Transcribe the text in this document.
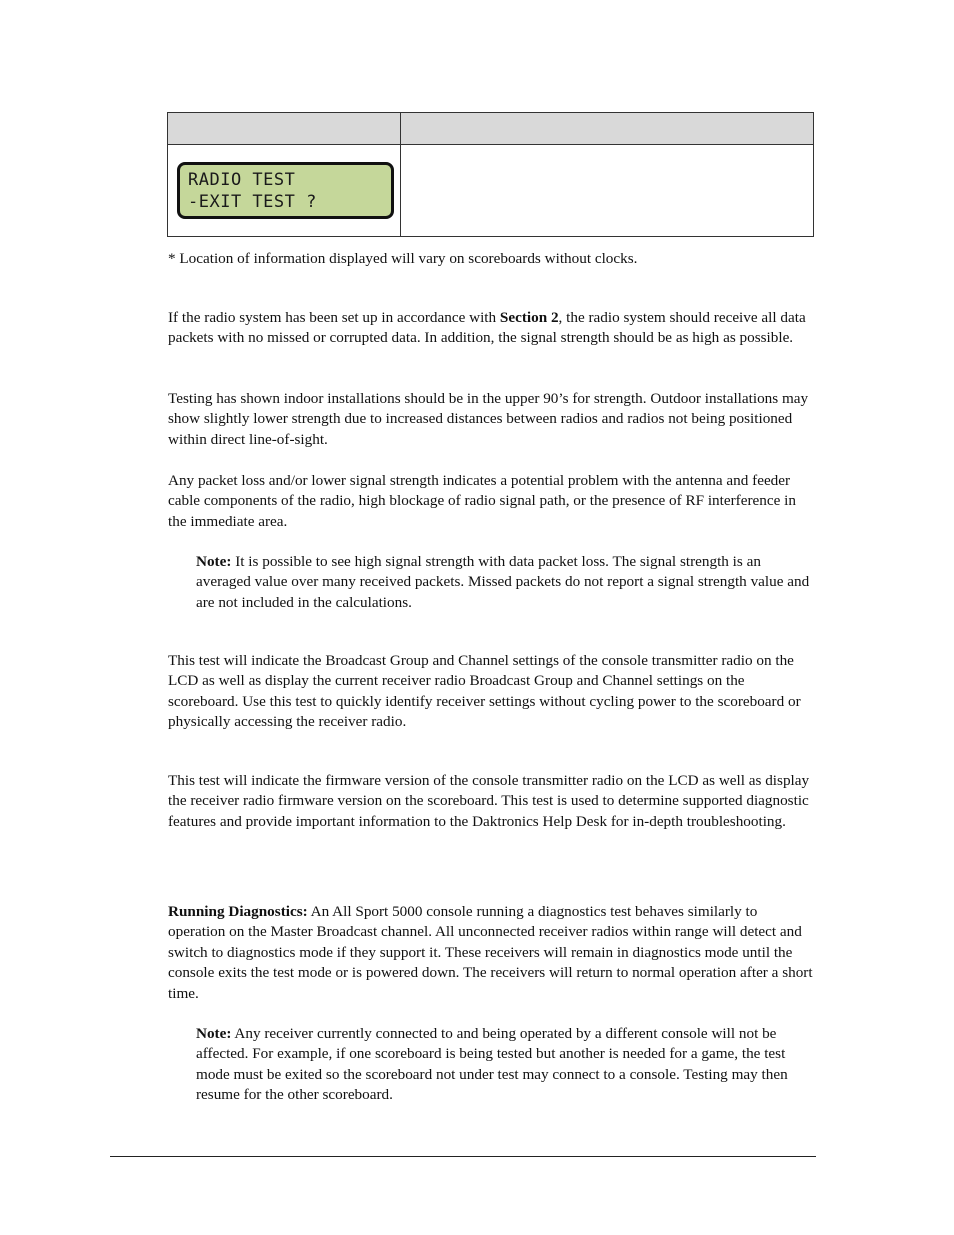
RADIO TEST
-EXIT TEST ?	

* Location of information displayed will vary on scoreboards without clocks.
If the radio system has been set up in accordance with Section 2, the radio system should receive all data packets with no missed or corrupted data. In addition, the signal strength should be as high as possible.
Testing has shown indoor installations should be in the upper 90’s for strength. Outdoor installations may show slightly lower strength due to increased distances between radios and radios not being positioned within direct line-of-sight.
Any packet loss and/or lower signal strength indicates a potential problem with the antenna and feeder cable components of the radio, high blockage of radio signal path, or the presence of RF interference in the immediate area.
Note: It is possible to see high signal strength with data packet loss. The signal strength is an averaged value over many received packets. Missed packets do not report a signal strength value and are not included in the calculations.
This test will indicate the Broadcast Group and Channel settings of the console transmitter radio on the LCD as well as display the current receiver radio Broadcast Group and Channel settings on the scoreboard. Use this test to quickly identify receiver settings without cycling power to the scoreboard or physically accessing the receiver radio.
This test will indicate the firmware version of the console transmitter radio on the LCD as well as display the receiver radio firmware version on the scoreboard. This test is used to determine supported diagnostic features and provide important information to the Daktronics Help Desk for in-depth troubleshooting.
Running Diagnostics: An All Sport 5000 console running a diagnostics test behaves similarly to operation on the Master Broadcast channel. All unconnected receiver radios within range will detect and switch to diagnostics mode if they support it. These receivers will remain in diagnostics mode until the console exits the test mode or is powered down. The receivers will return to normal operation after a short time.
Note: Any receiver currently connected to and being operated by a different console will not be affected. For example, if one scoreboard is being tested but another is needed for a game, the test mode must be exited so the scoreboard not under test may connect to a console. Testing may then resume for the other scoreboard.
